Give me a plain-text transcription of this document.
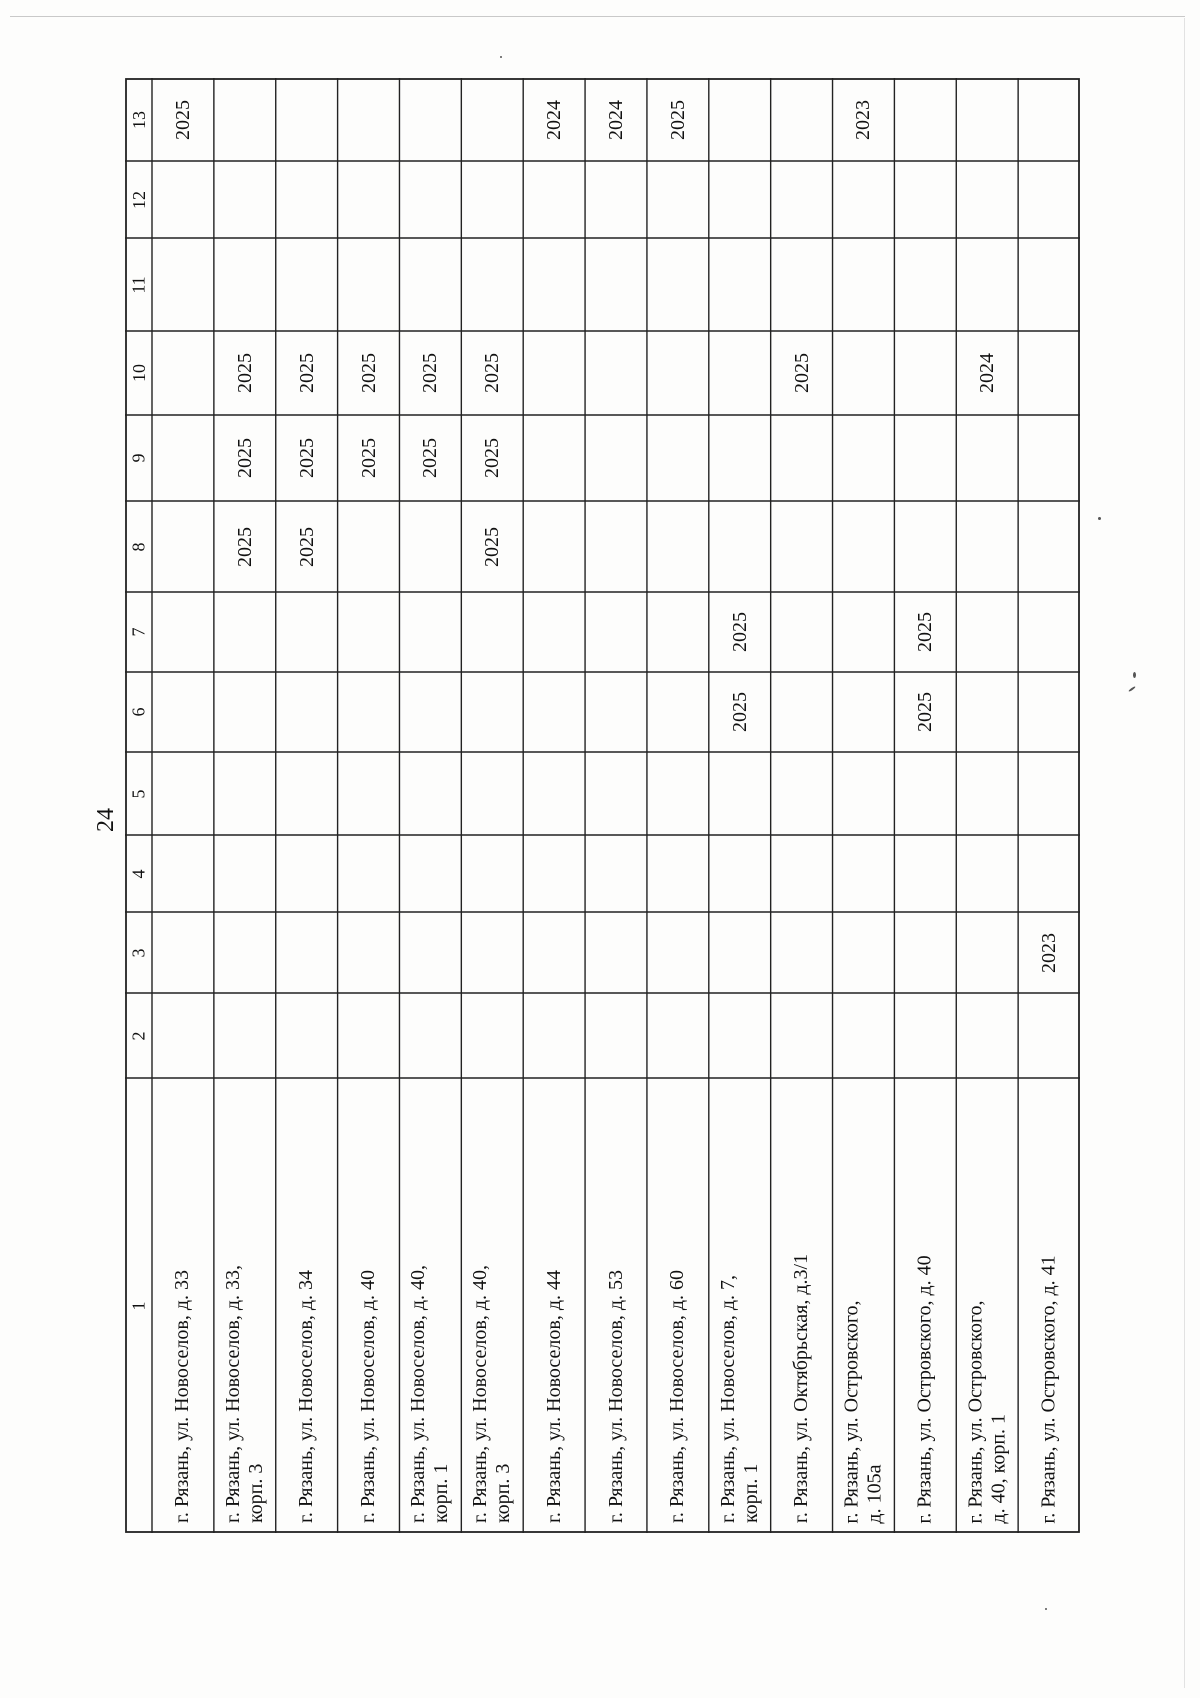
24
13
12
11
10
9
8
7
6
5
4
3
2
1 г. Рязань, ул. Новоселов, д. 33
2025
г. Рязань, ул. Новоселов, д. 33, корп. 3
2025
2025
2025
г. Рязань, ул. Новоселов, д. 34
2025
2025
2025
г. Рязань, ул. Новоселов, д. 40
2025
2025
г. Рязань, ул. Новоселов, д. 40, корп. 1
2025
2025
г. Рязань, ул. Новоселов, д. 40, корп. 3
2025
2025
2025
г. Рязань, ул. Новоселов, д. 44
2024
г. Рязань, ул. Новоселов, д. 53
2024
г. Рязань, ул. Новоселов, д. 60
2025
г. Рязань, ул. Новоселов, д. 7, корп. 1
2025
2025
г. Рязань, ул. Октябрьская, д.3/1
2025
г. Рязань, ул. Островского, д. 105а
2023
г. Рязань, ул. Островского, д. 40
2025
2025
г. Рязань, ул. Островского, д. 40, корп. 1
2024
г. Рязань, ул. Островского, д. 41
2023
